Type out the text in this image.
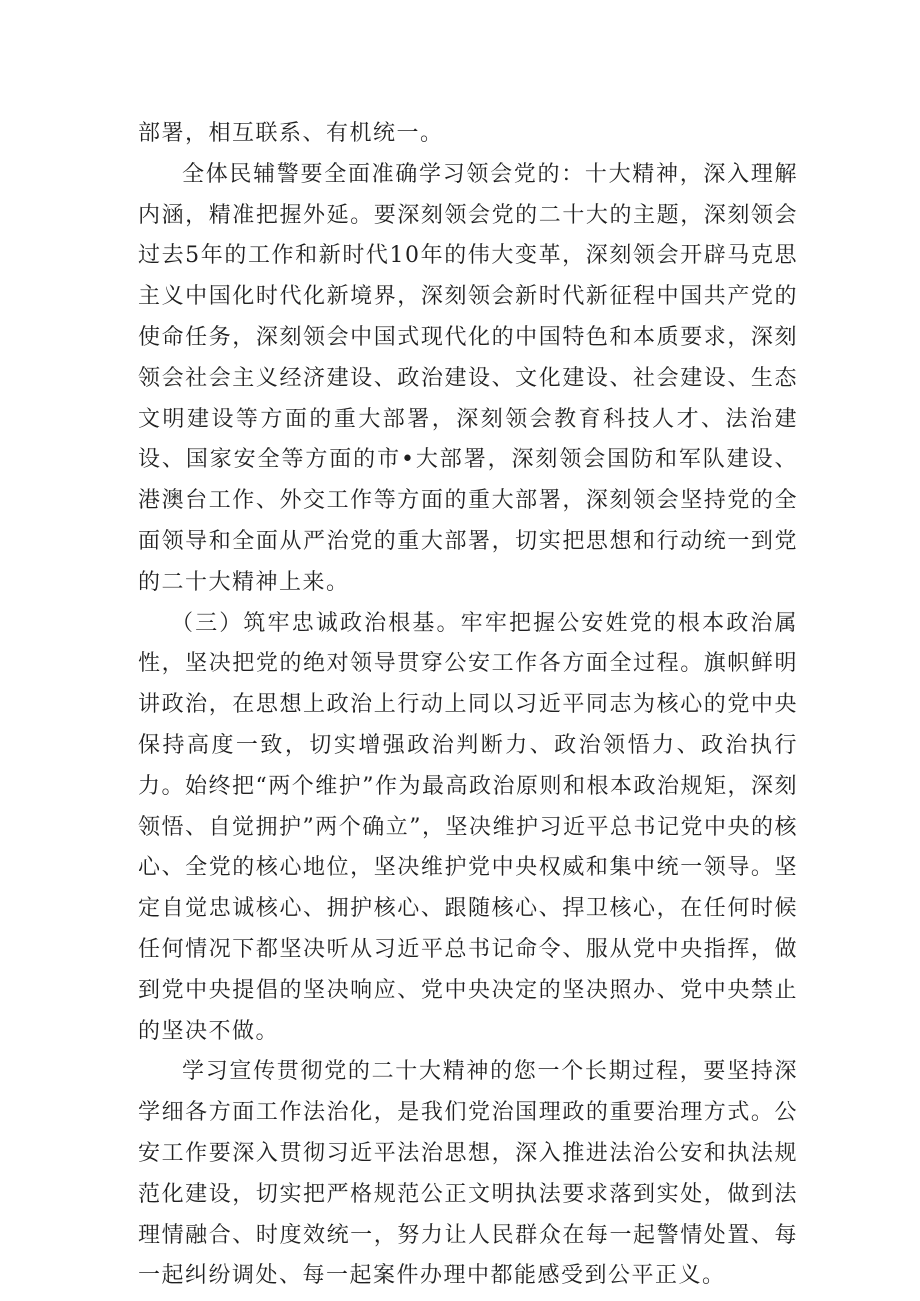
部署，相互联系、有机统一。

全体民辅警要全面准确学习领会党的：十大精神，深入理解内涵，精准把握外延。要深刻领会党的二十大的主题，深刻领会过去5年的工作和新时代10年的伟大变革，深刻领会开辟马克思主义中国化时代化新境界，深刻领会新时代新征程中国共产党的使命任务，深刻领会中国式现代化的中国特色和本质要求，深刻领会社会主义经济建设、政治建设、文化建设、社会建设、生态文明建设等方面的重大部署，深刻领会教育科技人才、法治建设、国家安全等方面的市•大部署，深刻领会国防和军队建设、港澳台工作、外交工作等方面的重大部署，深刻领会坚持党的全面领导和全面从严治党的重大部署，切实把思想和行动统一到党的二十大精神上来。

（三）筑牢忠诚政治根基。牢牢把握公安姓党的根本政治属性，坚决把党的绝对领导贯穿公安工作各方面全过程。旗帜鲜明讲政治，在思想上政治上行动上同以习近平同志为核心的党中央保持高度一致，切实增强政治判断力、政治领悟力、政治执行力。始终把“两个维护”作为最高政治原则和根本政治规矩，深刻领悟、自觉拥护”两个确立”，坚决维护习近平总书记党中央的核心、全党的核心地位，坚决维护党中央权威和集中统一领导。坚定自觉忠诚核心、拥护核心、跟随核心、捍卫核心，在任何时候任何情况下都坚决听从习近平总书记命令、服从党中央指挥，做到党中央提倡的坚决响应、党中央决定的坚决照办、党中央禁止的坚决不做。

学习宣传贯彻党的二十大精神的您一个长期过程，要坚持深学细各方面工作法治化，是我们党治国理政的重要治理方式。公安工作要深入贯彻习近平法治思想，深入推进法治公安和执法规范化建设，切实把严格规范公正文明执法要求落到实处，做到法理情融合、时度效统一，努力让人民群众在每一起警情处置、每一起纠纷调处、每一起案件办理中都能感受到公平正义。
